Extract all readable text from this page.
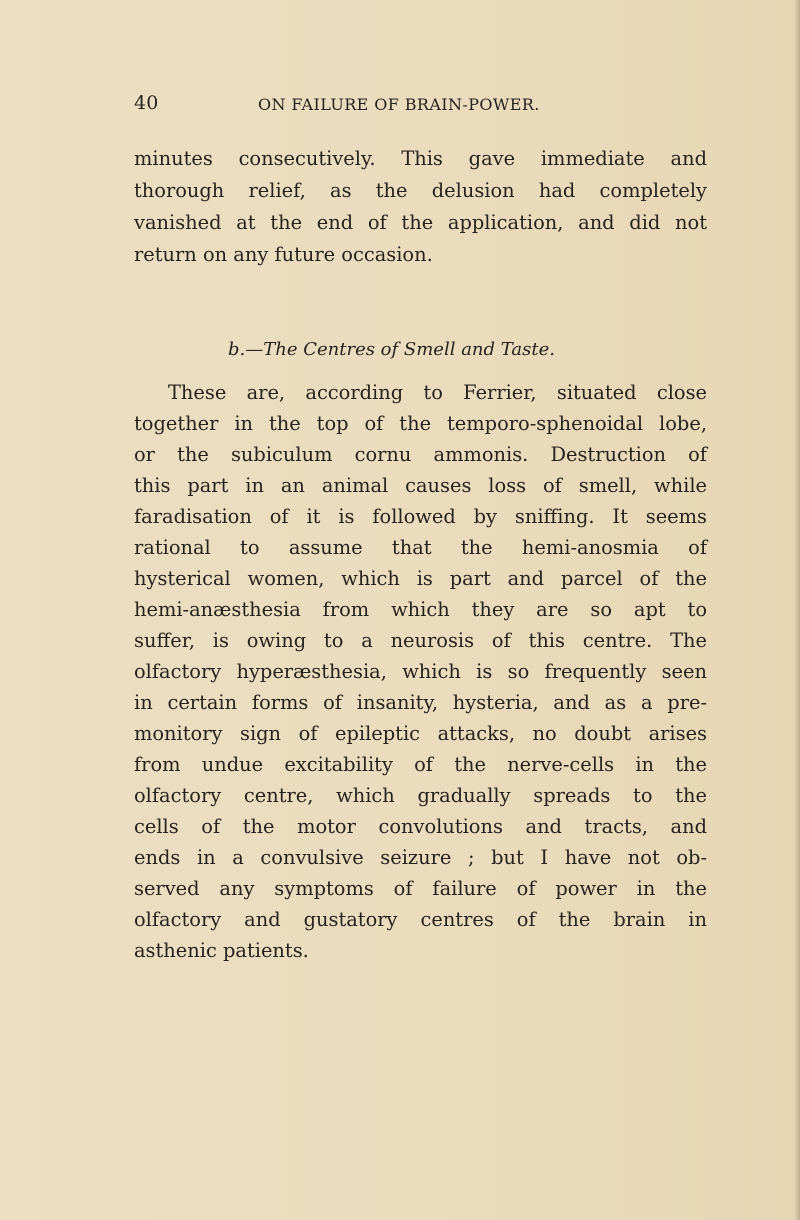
40	ON FAILURE OF BRAIN-POWER.
minutes consecutively. This gave immediate and
thorough relief, as the delusion had completely
vanished at the end of the application, and did not
return on any future occasion.
b.—The Centres of Smell and Taste.
These are, according to Ferrier, situated close
together in the top of the temporo-sphenoidal lobe,
or the subiculum cornu ammonis. Destruction of
this part in an animal causes loss of smell, while
faradisation of it is followed by sniffing. It seems
rational to assume that the hemi-anosmia of
hysterical women, which is part and parcel of the
hemi-anæsthesia from which they are so apt to
suffer, is owing to a neurosis of this centre. The
olfactory hyperæsthesia, which is so frequently seen
in certain forms of insanity, hysteria, and as a pre-
monitory sign of epileptic attacks, no doubt arises
from undue excitability of the nerve-cells in the
olfactory centre, which gradually spreads to the
cells of the motor convolutions and tracts, and
ends in a convulsive seizure ; but I have not ob-
served any symptoms of failure of power in the
olfactory and gustatory centres of the brain in
asthenic patients.
